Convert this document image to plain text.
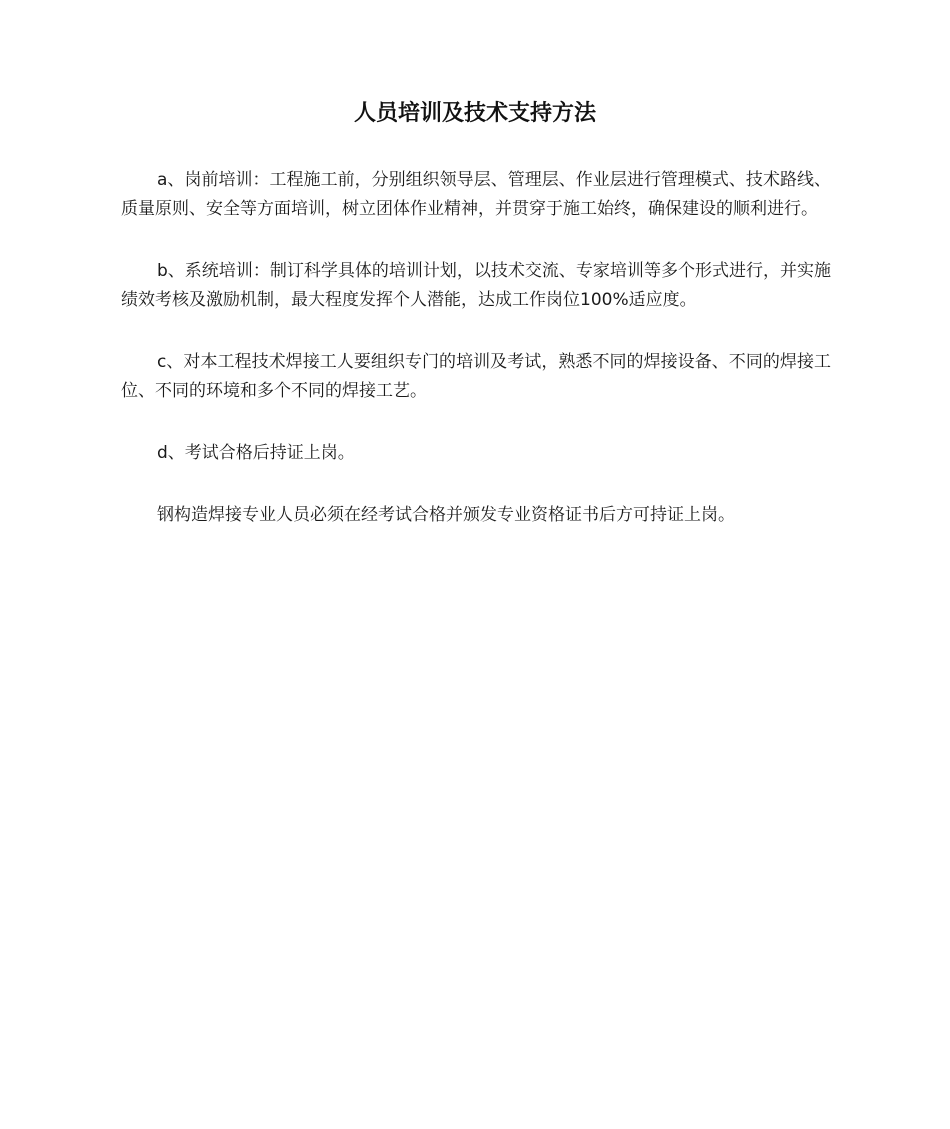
人员培训及技术支持方法

a、岗前培训：工程施工前，分别组织领导层、管理层、作业层进行管理模式、技术路线、质量原则、安全等方面培训，树立团体作业精神，并贯穿于施工始终，确保建设的顺利进行。

b、系统培训：制订科学具体的培训计划，以技术交流、专家培训等多个形式进行，并实施绩效考核及激励机制，最大程度发挥个人潜能，达成工作岗位100%适应度。

c、对本工程技术焊接工人要组织专门的培训及考试，熟悉不同的焊接设备、不同的焊接工位、不同的环境和多个不同的焊接工艺。

d、考试合格后持证上岗。

钢构造焊接专业人员必须在经考试合格并颁发专业资格证书后方可持证上岗。
